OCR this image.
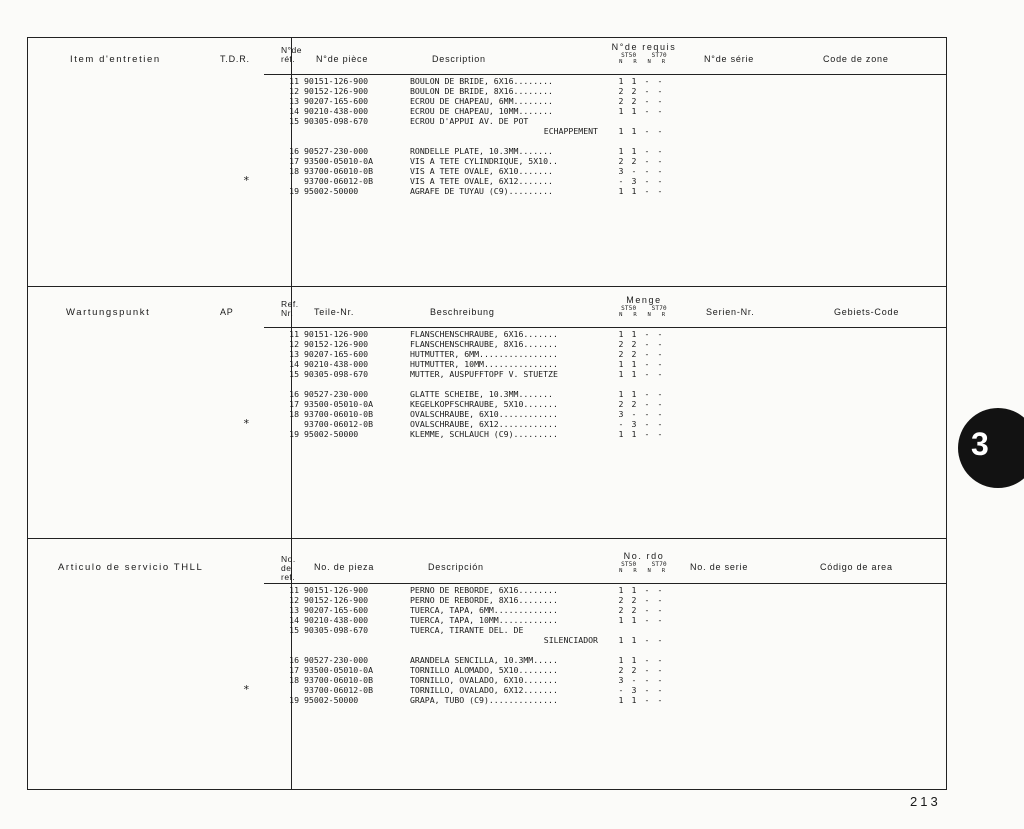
Item d'entretien	T.D.R.
N°de réf.	N°de pièce	Description
N°de requis
ST50	ST70
N R N R	N°de série	Code de zone
11 90151-126-900	BOULON DE BRIDE, 6X16........	1 1 - -
12 90152-126-900	BOULON DE BRIDE, 8X16........	2 2 - -
13 90207-165-600	ECROU DE CHAPEAU, 6MM........	2 2 - -
14 90210-438-000	ECROU DE CHAPEAU, 10MM.......	1 1 - -
15 90305-098-670	ECROU D'APPUI AV. DE POT
ECHAPPEMENT	1 1 - -
16 90527-230-000	RONDELLE PLATE, 10.3MM.......	1 1 - -
17 93500-05010-0A	VIS A TETE CYLINDRIQUE, 5X10..	2 2 - -
18 93700-06010-0B	VIS A TETE OVALE, 6X10.......	3 - - -
*	93700-06012-0B	VIS A TETE OVALE, 6X12.......	- 3 - -
19 95002-50000	AGRAFE DE TUYAU (C9).........	1 1 - -
Wartungspunkt	AP
Ref. Nr.	Teile-Nr.	Beschreibung
Menge
ST50	ST70
N R N R	Serien-Nr.	Gebiets-Code
11 90151-126-900	FLANSCHENSCHRAUBE, 6X16.......	1 1 - -
12 90152-126-900	FLANSCHENSCHRAUBE, 8X16.......	2 2 - -
13 90207-165-600	HUTMUTTER, 6MM................	2 2 - -
14 90210-438-000	HUTMUTTER, 10MM...............	1 1 - -
15 90305-098-670	MUTTER, AUSPUFFTOPF V. STUETZE	1 1 - -
16 90527-230-000	GLATTE SCHEIBE, 10.3MM.......	1 1 - -
17 93500-05010-0A	KEGELKOPFSCHRAUBE, 5X10.......	2 2 - -
18 93700-06010-0B	OVALSCHRAUBE, 6X10............	3 - - -
*	93700-06012-0B	OVALSCHRAUBE, 6X12............	- 3 - -
19 95002-50000	KLEMME, SCHLAUCH (C9).........	1 1 - -
Articulo de servicio THLL
No. de ref.
No. de pieza	Descripción
No. rdo
ST50	ST70
N R N R	No. de serie	Código de area
11 90151-126-900	PERNO DE REBORDE, 6X16........	1 1 - -
12 90152-126-900	PERNO DE REBORDE, 8X16........	2 2 - -
13 90207-165-600	TUERCA, TAPA, 6MM.............	2 2 - -
14 90210-438-000	TUERCA, TAPA, 10MM............	1 1 - -
15 90305-098-670	TUERCA, TIRANTE DEL. DE
SILENCIADOR	1 1 - -
16 90527-230-000	ARANDELA SENCILLA, 10.3MM.....	1 1 - -
17 93500-05010-0A	TORNILLO ALOMADO, 5X10........	2 2 - -
18 93700-06010-0B	TORNILLO, OVALADO, 6X10.......	3 - - -
*	93700-06012-0B	TORNILLO, OVALADO, 6X12.......	- 3 - -
19 95002-50000	GRAPA, TUBO (C9)..............	1 1 - -
3
213
